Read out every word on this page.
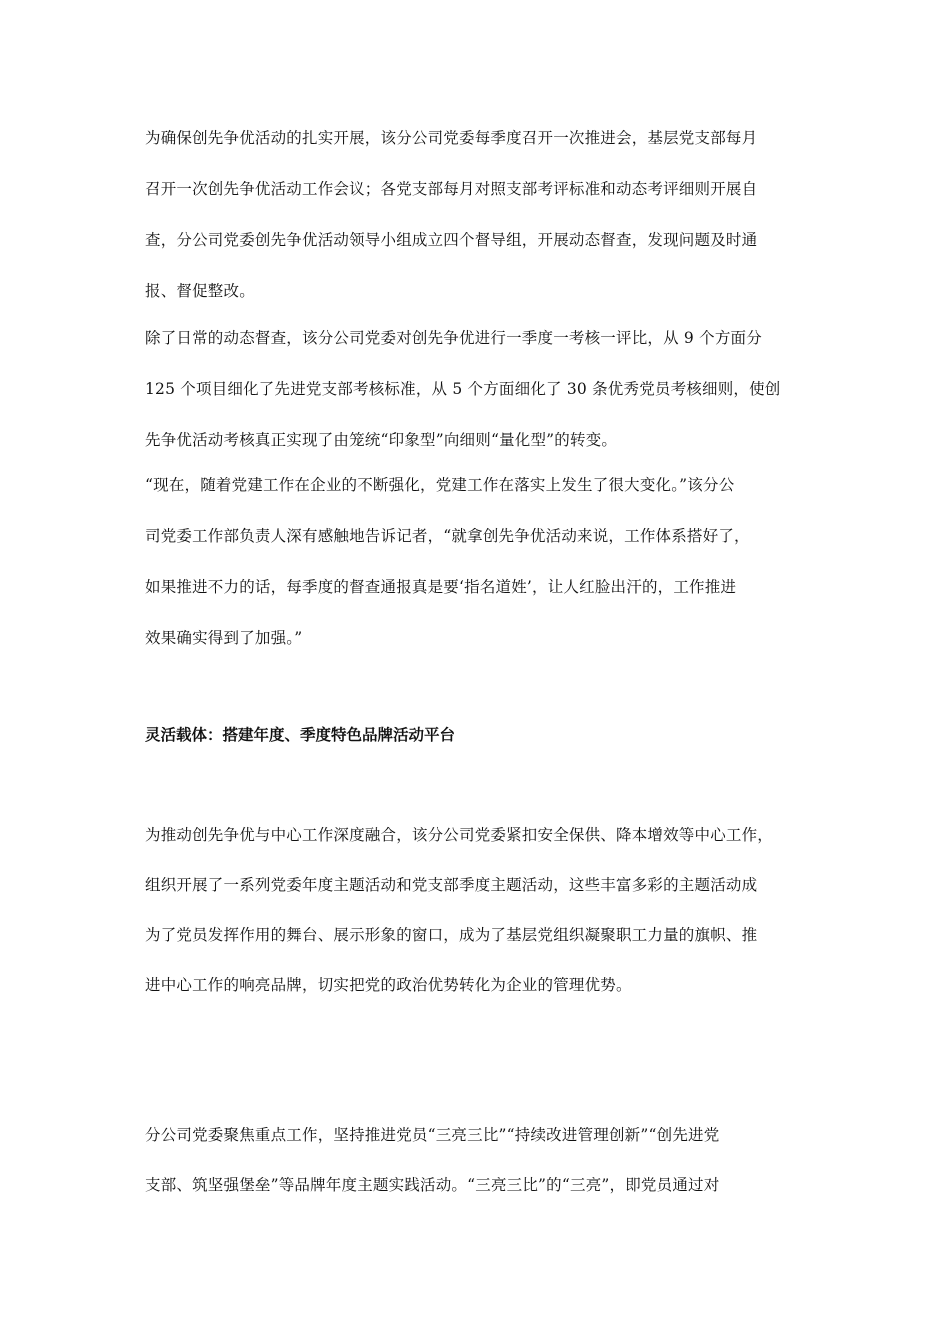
为确保创先争优活动的扎实开展，该分公司党委每季度召开一次推进会，基层党支部每月
召开一次创先争优活动工作会议；各党支部每月对照支部考评标准和动态考评细则开展自
查，分公司党委创先争优活动领导小组成立四个督导组，开展动态督查，发现问题及时通
报、督促整改。
除了日常的动态督查，该分公司党委对创先争优进行一季度一考核一评比，从 9 个方面分
125 个项目细化了先进党支部考核标准，从 5 个方面细化了 30 条优秀党员考核细则，使创
先争优活动考核真正实现了由笼统“印象型”向细则“量化型”的转变。
“现在，随着党建工作在企业的不断强化，党建工作在落实上发生了很大变化。”该分公
司党委工作部负责人深有感触地告诉记者，“就拿创先争优活动来说，工作体系搭好了，
如果推进不力的话，每季度的督查通报真是要‘指名道姓’，让人红脸出汗的，工作推进
效果确实得到了加强。”
灵活载体：搭建年度、季度特色品牌活动平台
为推动创先争优与中心工作深度融合，该分公司党委紧扣安全保供、降本增效等中心工作，
组织开展了一系列党委年度主题活动和党支部季度主题活动，这些丰富多彩的主题活动成
为了党员发挥作用的舞台、展示形象的窗口，成为了基层党组织凝聚职工力量的旗帜、推
进中心工作的响亮品牌，切实把党的政治优势转化为企业的管理优势。
分公司党委聚焦重点工作，坚持推进党员“三亮三比”“持续改进管理创新”“创先进党
支部、筑坚强堡垒”等品牌年度主题实践活动。“三亮三比”的“三亮”，即党员通过对
